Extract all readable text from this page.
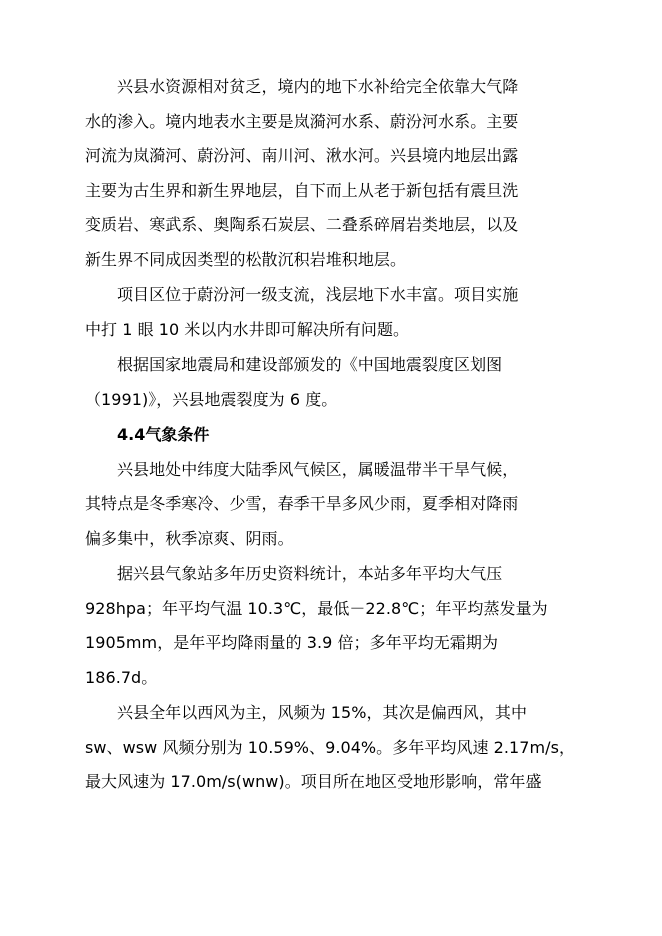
兴县水资源相对贫乏，境内的地下水补给完全依靠大气降
水的渗入。境内地表水主要是岚漪河水系、蔚汾河水系。主要
河流为岚漪河、蔚汾河、南川河、湫水河。兴县境内地层出露
主要为古生界和新生界地层，自下而上从老于新包括有震旦洗
变质岩、寒武系、奥陶系石炭层、二叠系碎屑岩类地层，以及
新生界不同成因类型的松散沉积岩堆积地层。
项目区位于蔚汾河一级支流，浅层地下水丰富。项目实施
中打 1 眼 10 米以内水井即可解决所有问题。
根据国家地震局和建设部颁发的《中国地震裂度区划图
（1991)》，兴县地震裂度为 6 度。
4.4气象条件
兴县地处中纬度大陆季风气候区，属暖温带半干旱气候，
其特点是冬季寒冷、少雪，春季干旱多风少雨，夏季相对降雨
偏多集中，秋季凉爽、阴雨。
据兴县气象站多年历史资料统计，本站多年平均大气压
928hpa；年平均气温 10.3℃，最低－22.8℃；年平均蒸发量为
1905mm，是年平均降雨量的 3.9 倍；多年平均无霜期为
186.7d。
兴县全年以西风为主，风频为 15%，其次是偏西风，其中
sw、wsw 风频分别为 10.59%、9.04%。多年平均风速 2.17m/s，
最大风速为 17.0m/s(wnw)。项目所在地区受地形影响，常年盛
